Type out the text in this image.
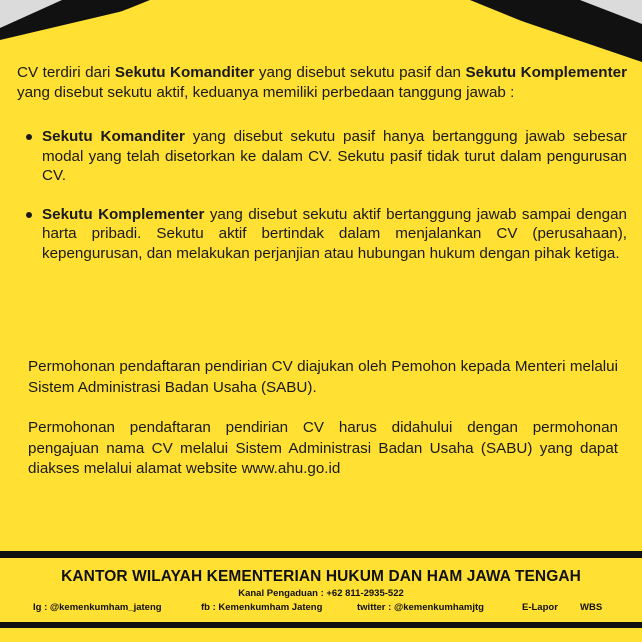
CV terdiri dari Sekutu Komanditer yang disebut sekutu pasif dan Sekutu Komplementer yang disebut sekutu aktif, keduanya memiliki perbedaan tanggung jawab :

Sekutu Komanditer yang disebut sekutu pasif hanya bertanggung jawab sebesar modal yang telah disetorkan ke dalam CV. Sekutu pasif tidak turut dalam pengurusan CV.
Sekutu Komplementer yang disebut sekutu aktif bertanggung jawab sampai dengan harta pribadi. Sekutu aktif bertindak dalam menjalankan CV (perusahaan), kepengurusan, dan melakukan perjanjian atau hubungan hukum dengan pihak ketiga.

Permohonan pendaftaran pendirian CV diajukan oleh Pemohon kepada Menteri melalui Sistem Administrasi Badan Usaha (SABU).

Permohonan pendaftaran pendirian CV harus didahului dengan permohonan pengajuan nama CV melalui Sistem Administrasi Badan Usaha (SABU) yang dapat diakses melalui alamat website www.ahu.go.id

KANTOR WILAYAH KEMENTERIAN HUKUM DAN HAM JAWA TENGAH
Kanal Pengaduan : +62 811-2935-522
Ig : @kemenkumham_jateng	fb : Kemenkumham Jateng	twitter : @kemenkumhamjtg	E-Lapor WBS
